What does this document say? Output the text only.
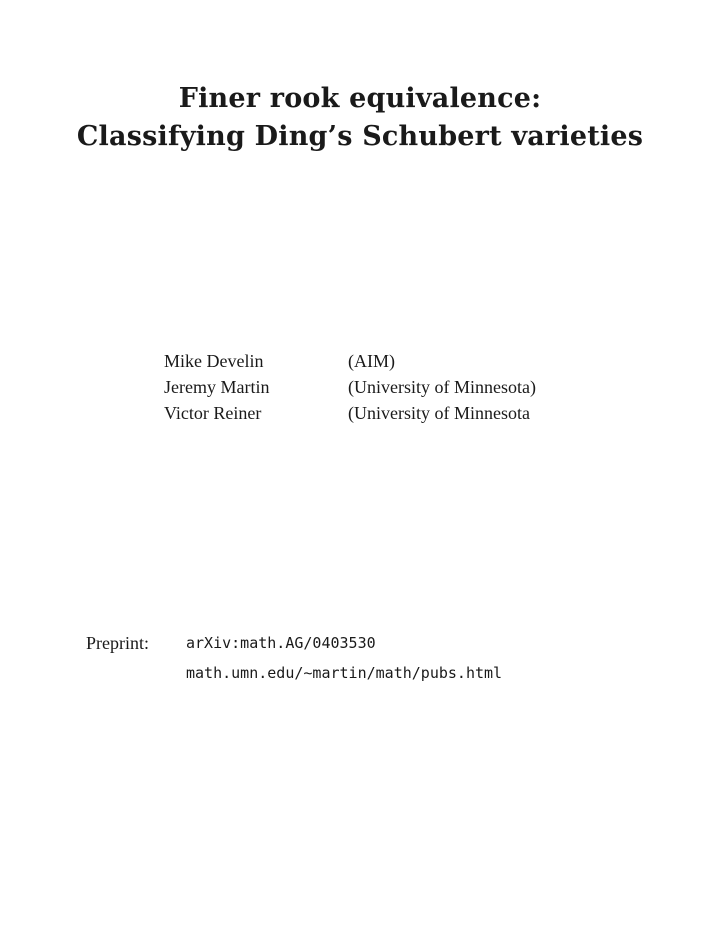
Finer rook equivalence:
Classifying Ding’s Schubert varieties
Mike Develin	(AIM)
Jeremy Martin	(University of Minnesota)
Victor Reiner	(University of Minnesota
Preprint: arXiv:math.AG/0403530
math.umn.edu/∼martin/math/pubs.html
